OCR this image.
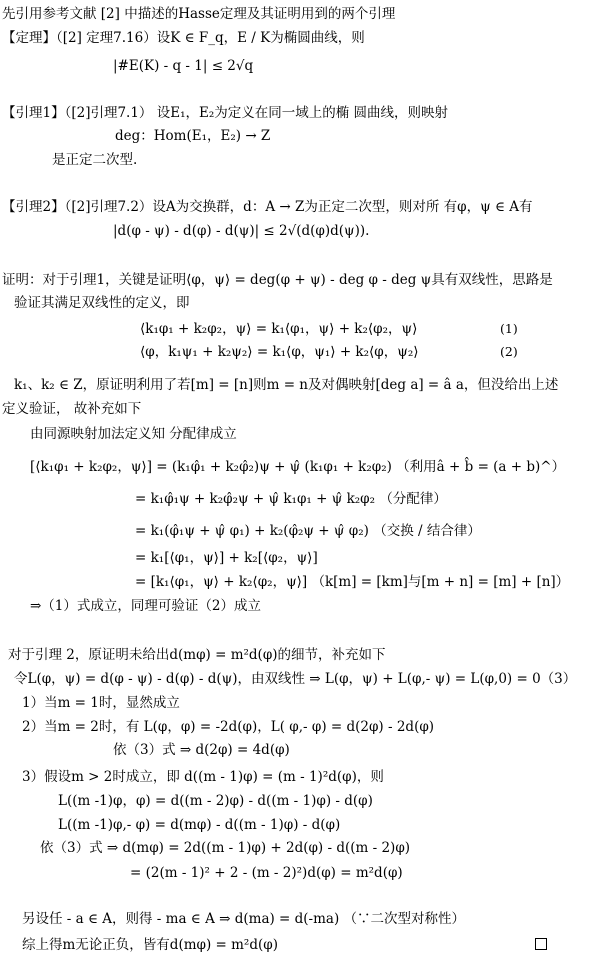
先引用参考文献 [2] 中描述的Hasse定理及其证明用到的两个引理
【定理】（[2] 定理7.16）设K ∈ F_q，E / K为椭圆曲线，则
|#E(K) - q - 1| ≤ 2√q
【引理1】（[2]引理7.1） 设E₁，E₂为定义在同一域上的椭 圆曲线，则映射
deg：Hom(E₁，E₂) → Z
是正定二次型.
【引理2】（[2]引理7.2）设A为交换群，d：A → Z为正定二次型，则对所 有φ，ψ ∈ A有
|d(φ - ψ) - d(φ) - d(ψ)| ≤ 2√(d(φ)d(ψ)).
证明：对于引理1，关键是证明⟨φ，ψ⟩ = deg(φ + ψ) - deg φ - deg ψ具有双线性，思路是
验证其满足双线性的定义，即
⟨k₁φ₁ + k₂φ₂，ψ⟩ = k₁⟨φ₁，ψ⟩ + k₂⟨φ₂，ψ⟩	(1)
⟨φ，k₁ψ₁ + k₂ψ₂⟩ = k₁⟨φ，ψ₁⟩ + k₂⟨φ，ψ₂⟩	(2)
k₁、k₂ ∈ Z，原证明利用了若[m] = [n]则m = n及对偶映射[deg a] = â a，但没给出上述
定义验证， 故补充如下
由同源映射加法定义知 分配律成立
[⟨k₁φ₁ + k₂φ₂，ψ⟩] = (k₁φ̂₁ + k₂φ̂₂)ψ + ψ̂ (k₁φ₁ + k₂φ₂) （利用â + b̂ = (a + b)^）
= k₁φ̂₁ψ + k₂φ̂₂ψ + ψ̂ k₁φ₁ + ψ̂ k₂φ₂ （分配律）
= k₁(φ̂₁ψ + ψ̂ φ₁) + k₂(φ̂₂ψ + ψ̂ φ₂) （交换 / 结合律）
= k₁[⟨φ₁，ψ⟩] + k₂[⟨φ₂，ψ⟩]
= [k₁⟨φ₁，ψ⟩ + k₂⟨φ₂，ψ⟩] （k[m] = [km]与[m + n] = [m] + [n]）
⇒（1）式成立，同理可验证（2）成立
对于引理 2，原证明未给出d(mφ) = m²d(φ)的细节，补充如下
令L(φ，ψ) = d(φ - ψ) - d(φ) - d(ψ)，由双线性 ⇒ L(φ，ψ) + L(φ,- ψ) = L(φ,0) = 0（3）
1）当m = 1时，显然成立
2）当m = 2时，有 L(φ，φ) = -2d(φ)，L( φ,- φ) = d(2φ) - 2d(φ)
依（3）式 ⇒ d(2φ) = 4d(φ)
3）假设m > 2时成立，即 d((m - 1)φ) = (m - 1)²d(φ)，则
L((m -1)φ，φ) = d((m - 2)φ) - d((m - 1)φ) - d(φ)
L((m -1)φ,- φ) = d(mφ) - d((m - 1)φ) - d(φ)
依（3）式 ⇒ d(mφ) = 2d((m - 1)φ) + 2d(φ) - d((m - 2)φ)
= (2(m - 1)² + 2 - (m - 2)²)d(φ) = m²d(φ)
另设任 - a ∈ A，则得 - ma ∈ A ⇒ d(ma) = d(-ma) （∵二次型对称性）
综上得m无论正负，皆有d(mφ) = m²d(φ)
